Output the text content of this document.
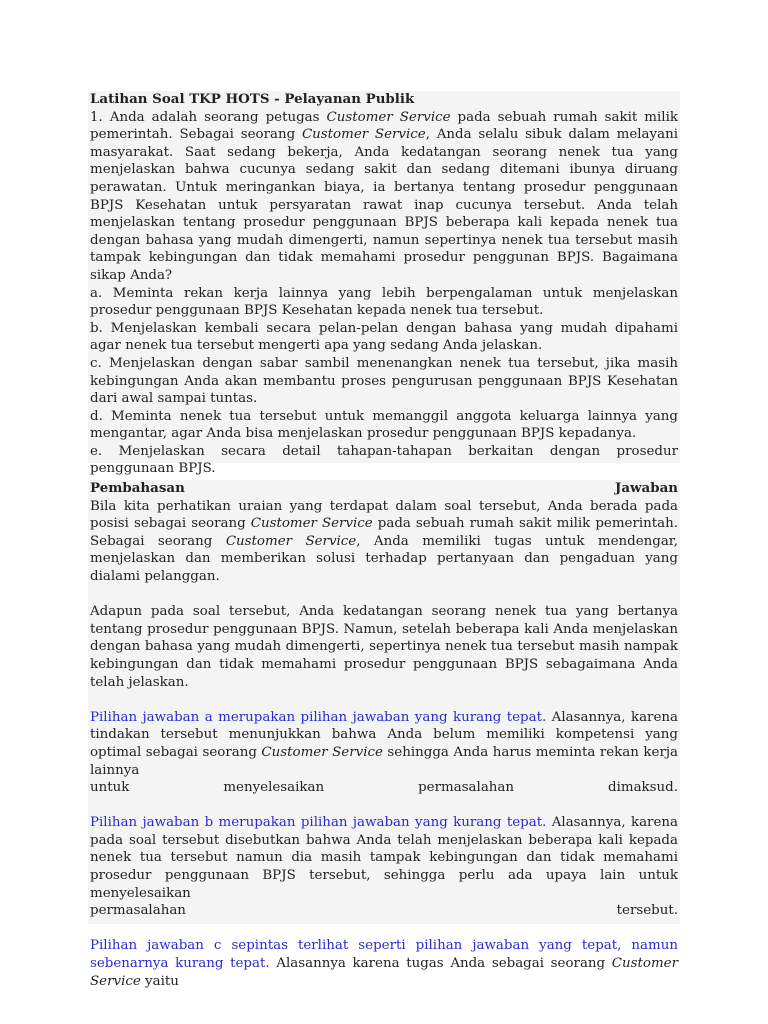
Latihan Soal TKP HOTS - Pelayanan Publik

1. Anda adalah seorang petugas Customer Service pada sebuah rumah sakit milik pemerintah. Sebagai seorang Customer Service, Anda selalu sibuk dalam melayani masyarakat. Saat sedang bekerja, Anda kedatangan seorang nenek tua yang menjelaskan bahwa cucunya sedang sakit dan sedang ditemani ibunya diruang perawatan. Untuk meringankan biaya, ia bertanya tentang prosedur penggunaan BPJS Kesehatan untuk persyaratan rawat inap cucunya tersebut. Anda telah menjelaskan tentang prosedur penggunaan BPJS beberapa kali kepada nenek tua dengan bahasa yang mudah dimengerti, namun sepertinya nenek tua tersebut masih tampak kebingungan dan tidak memahami prosedur penggunan BPJS. Bagaimana sikap Anda?

a. Meminta rekan kerja lainnya yang lebih berpengalaman untuk menjelaskan prosedur penggunaan BPJS Kesehatan kepada nenek tua tersebut.

b. Menjelaskan kembali secara pelan-pelan dengan bahasa yang mudah dipahami agar nenek tua tersebut mengerti apa yang sedang Anda jelaskan.

c. Menjelaskan dengan sabar sambil menenangkan nenek tua tersebut, jika masih kebingungan Anda akan membantu proses pengurusan penggunaan BPJS Kesehatan dari awal sampai tuntas.

d. Meminta nenek tua tersebut untuk memanggil anggota keluarga lainnya yang mengantar, agar Anda bisa menjelaskan prosedur penggunaan BPJS kepadanya.

e. Menjelaskan secara detail tahapan-tahapan berkaitan dengan prosedur penggunaan BPJS.

Pembahasan	Jawaban

Bila kita perhatikan uraian yang terdapat dalam soal tersebut, Anda berada pada posisi sebagai seorang Customer Service pada sebuah rumah sakit milik pemerintah. Sebagai seorang Customer Service, Anda memiliki tugas untuk mendengar, menjelaskan dan memberikan solusi terhadap pertanyaan dan pengaduan yang dialami pelanggan.

Adapun pada soal tersebut, Anda kedatangan seorang nenek tua yang bertanya tentang prosedur penggunaan BPJS. Namun, setelah beberapa kali Anda menjelaskan dengan bahasa yang mudah dimengerti, sepertinya nenek tua tersebut masih nampak kebingungan dan tidak memahami prosedur penggunaan BPJS sebagaimana Anda telah jelaskan.

Pilihan jawaban a merupakan pilihan jawaban yang kurang tepat. Alasannya, karena tindakan tersebut menunjukkan bahwa Anda belum memiliki kompetensi yang optimal sebagai seorang Customer Service sehingga Anda harus meminta rekan kerja lainnya

untuk menyelesaikan permasalahan dimaksud.

Pilihan jawaban b merupakan pilihan jawaban yang kurang tepat. Alasannya, karena pada soal tersebut disebutkan bahwa Anda telah menjelaskan beberapa kali kepada nenek tua tersebut namun dia masih tampak kebingungan dan tidak memahami prosedur penggunaan BPJS tersebut, sehingga perlu ada upaya lain untuk menyelesaikan

permasalahan	tersebut.

Pilihan jawaban c sepintas terlihat seperti pilihan jawaban yang tepat, namun sebenarnya kurang tepat. Alasannya karena tugas Anda sebagai seorang Customer Service yaitu
